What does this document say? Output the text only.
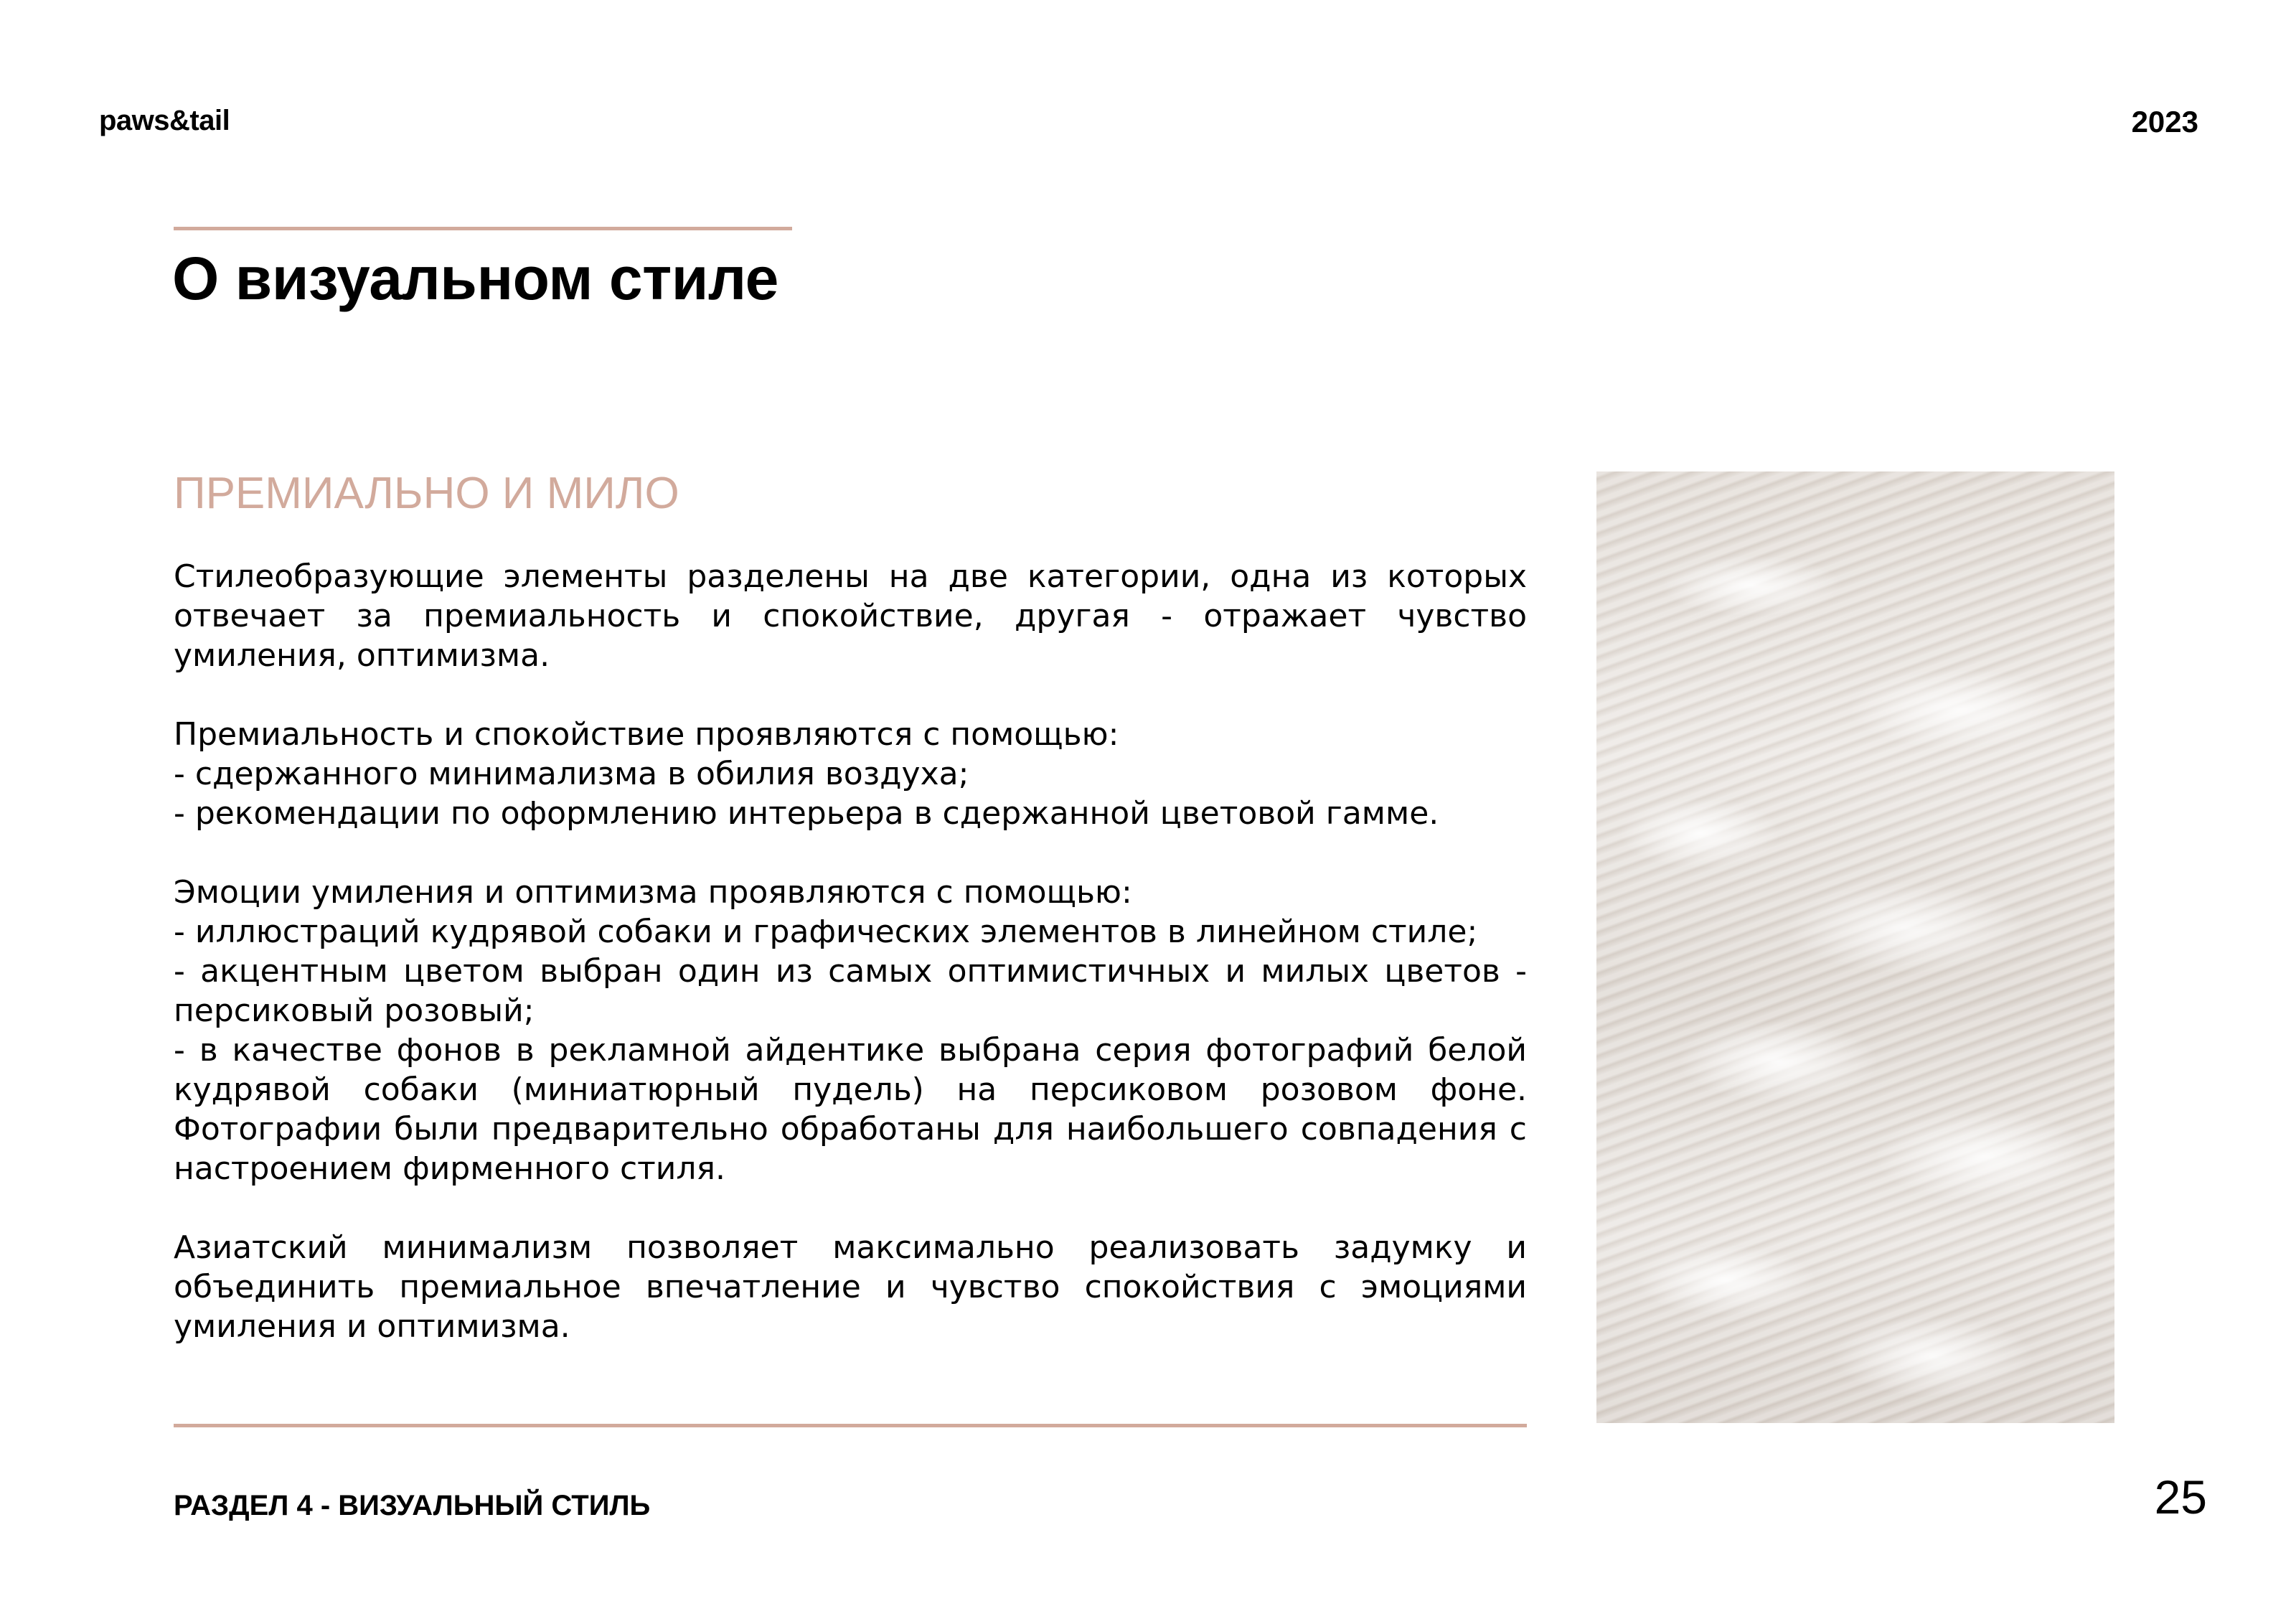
paws&tail	2023
О визуальном стиле
ПРЕМИАЛЬНО И МИЛО

Стилеобразующие элементы разделены на две категории, одна из которых отвечает за премиальность и спокойствие, другая - отражает чувство умиления, оптимизма.

Премиальность и спокойствие проявляются с помощью:
- сдержанного минимализма в обилия воздуха;
- рекомендации по оформлению интерьера в сдержанной цветовой гамме.

Эмоции умиления и оптимизма проявляются с помощью:
- иллюстраций кудрявой собаки и графических элементов в линейном стиле;
- акцентным цветом выбран один из самых оптимистичных и милых цветов - персиковый розовый;
- в качестве фонов в рекламной айдентике выбрана серия фотографий белой кудрявой собаки (миниатюрный пудель) на персиковом розовом фоне. Фотографии были предварительно обработаны для наибольшего совпадения с настроением фирменного стиля.

Азиатский минимализм позволяет максимально реализовать задумку и объединить премиальное впечатление и чувство спокойствия с эмоциями умиления и оптимизма.

РАЗДЕЛ 4 - ВИЗУАЛЬНЫЙ СТИЛЬ	25
